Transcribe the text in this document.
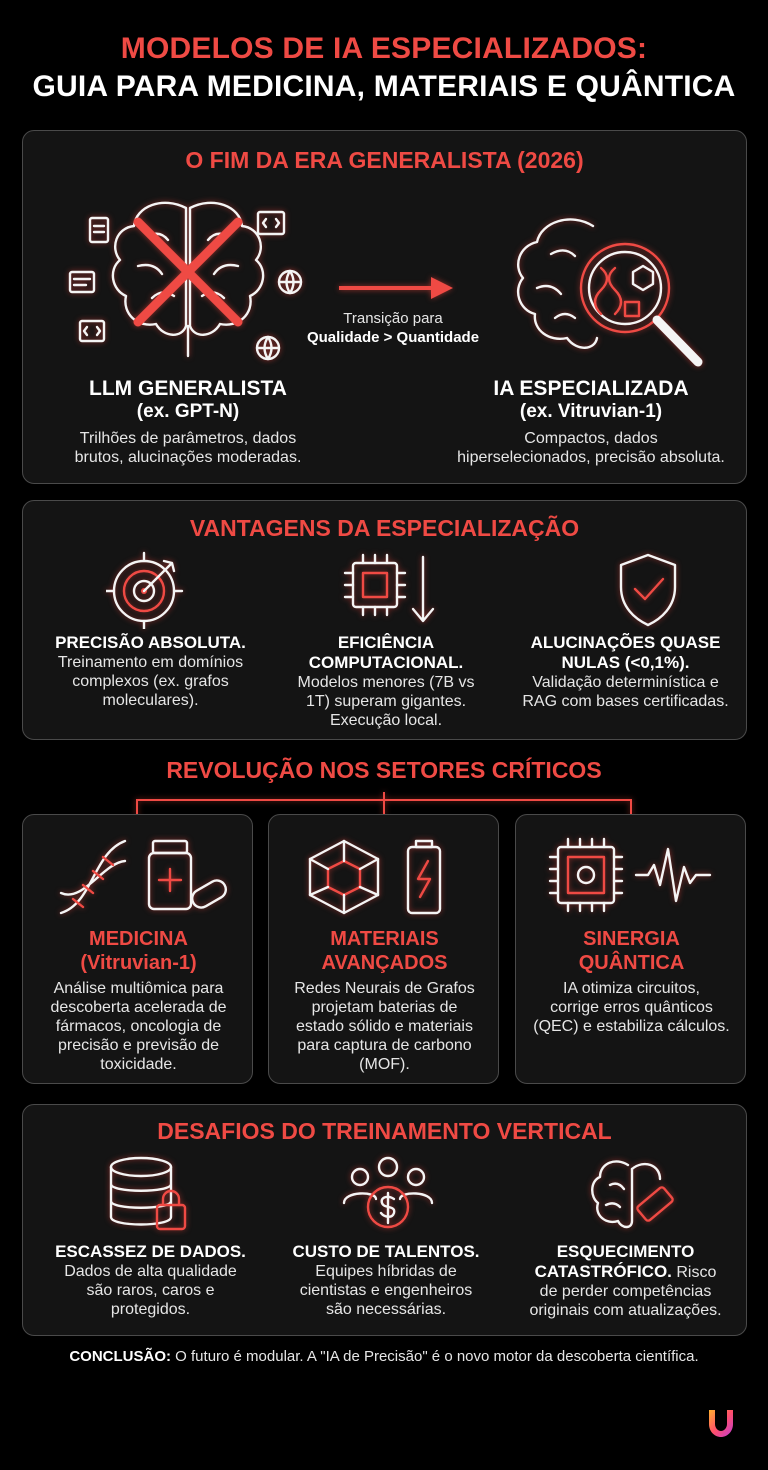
MODELOS DE IA ESPECIALIZADOS:
GUIA PARA MEDICINA, MATERIAIS E QUÂNTICA
O FIM DA ERA GENERALISTA (2026)
Transição para
Qualidade > Quantidade
LLM GENERALISTA
(ex. GPT-N)
Trilhões de parâmetros, dados
brutos, alucinações moderadas.
IA ESPECIALIZADA
(ex. Vitruvian-1)
Compactos, dados
hiperselecionados, precisão absoluta.
VANTAGENS DA ESPECIALIZAÇÃO
PRECISÃO ABSOLUTA.
Treinamento em domínios
complexos (ex. grafos
moleculares).
EFICIÊNCIA
COMPUTACIONAL.
Modelos menores (7B vs
1T) superam gigantes.
Execução local.
ALUCINAÇÕES QUASE
NULAS (<0,1%).
Validação determinística e
RAG com bases certificadas.
REVOLUÇÃO NOS SETORES CRÍTICOS
MEDICINA
(Vitruvian-1)
Análise multiômica para
descoberta acelerada de
fármacos, oncologia de
precisão e previsão de
toxicidade.
MATERIAIS
AVANÇADOS
Redes Neurais de Grafos
projetam baterias de
estado sólido e materiais
para captura de carbono
(MOF).
SINERGIA
QUÂNTICA
IA otimiza circuitos,
corrige erros quânticos
(QEC) e estabiliza cálculos.
DESAFIOS DO TREINAMENTO VERTICAL
ESCASSEZ DE DADOS.
Dados de alta qualidade
são raros, caros e
protegidos.
CUSTO DE TALENTOS.
Equipes híbridas de
cientistas e engenheiros
são necessárias.
ESQUECIMENTO
CATASTRÓFICO. Risco
de perder competências
originais com atualizações.
CONCLUSÃO: O futuro é modular. A "IA de Precisão" é o novo motor da descoberta científica.
